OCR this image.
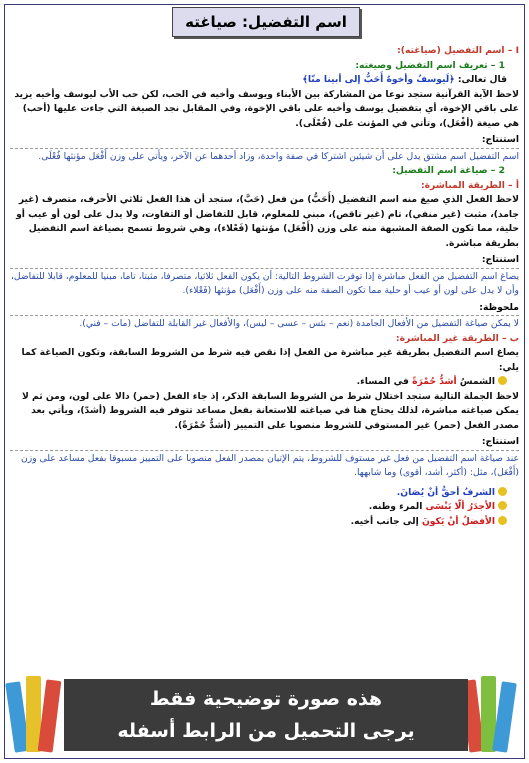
اسم التفضيل: صياغته

I – اسم التفضيل (صياغته):

1 – تعريف اسم التفضيل وصيغته:

قال تعالى: ﴿لَيوسفُ وأخوهُ أَحَبُّ إلى أبينا منّا﴾

لاحظ الآية القرآنية ستجد نوعا من المشاركة بين الأبناء ويوسف وأخيه في الحب، لكن حب الأب ليوسف وأخيه يزيد على باقي الإخوة، أي بتفضيل يوسف وأخيه على باقي الإخوة، وفي المقابل نجد الصيغة التي جاءت عليها (أحب) هي صيغة (أفْعَل)، وتأتي في المؤنث على (فُعْلَى).

استنتاج:

اسم التفضيل اسم مشتق يدل على أن شيئين اشتركا في صفة واحدة، وزاد أحدهما عن الآخر، ويأتي على وزن أَفْعَل مؤنثها فُعْلَى.

2 – صياغة اسم التفضيل:

أ – الطريقة المباشرة:

لاحظ الفعل الذي صيغ منه اسم التفضيل (أَحَبُّ) من فعل (حَبَّ)، ستجد أن هذا الفعل ثلاثي الأحرف، متصرف (غير جامد)، مثبت (غير منفي)، تام (غير ناقص)، مبني للمعلوم، قابل للتفاضل أو التفاوت، ولا يدل على لون أو عيب أو حلية، مما تكون الصفة المشبهة منه على وزن (أَفْعَل) مؤنثها (فَعْلاء)، وهي شروط تسمح بصياغة اسم التفضيل بطريقة مباشرة.

استنتاج:

يصاغ اسم التفضيل من الفعل مباشرة إذا توفرت الشروط التالية: أن يكون الفعل ثلاثيا، متصرفا، مثبتا، تاما، مبنيا للمعلوم، قابلا للتفاضل، وأن لا يدل على لون أو عيب أو حلية مما تكون الصفة منه على وزن (أَفْعَل) مؤنثها (فَعْلاء).

ملحوظة:

لا يمكن صياغة التفضيل من الأفعال الجامدة (نعم – بئس – عسى – ليس)، والأفعال غير القابلة للتفاضل (مات – فني).

ب – الطريقة غير المباشرة:

يصاغ اسم التفضيل بطريقة غير مباشرة من الفعل إذا نقص فيه شرط من الشروط السابقة، وتكون الصياغة كما يلي:

الشمسُ أشدُّ حُمْرَةً في المساء.

لاحظ الجملة التالية ستجد اختلال شرط من الشروط السابقة الذكر، إذ جاء الفعل (حمر) دالا على لون، ومن ثم لا يمكن صياغته مباشرة، لذلك يحتاج هنا في صياغته للاستعانة بفعل مساعد تتوفر فيه الشروط (أشدّ)، ويأتي بعد مصدر الفعل (حمر) غير المستوفي للشروط منصوبا على التمييز (أشدُّ حُمْرَةً).

استنتاج:

عند صياغة اسم التفضيل من فعل غير مستوف للشروط، يتم الإتيان بمصدر الفعل منصوبا على التمييز مسبوقا بفعل مساعد على وزن (أَفْعَل)، مثل: (أكثر، أشد، أقوى) وما شابهها.

الشرفُ أحقُّ أنْ يُصَانَ.

الأجدَرُ ألّا يَنْسَى المرء وطنه.

الأفضلُ أنْ يَكونَ إلى جانب أخيه.

هذه صورة توضيحية فقط
يرجى التحميل من الرابط أسفله
